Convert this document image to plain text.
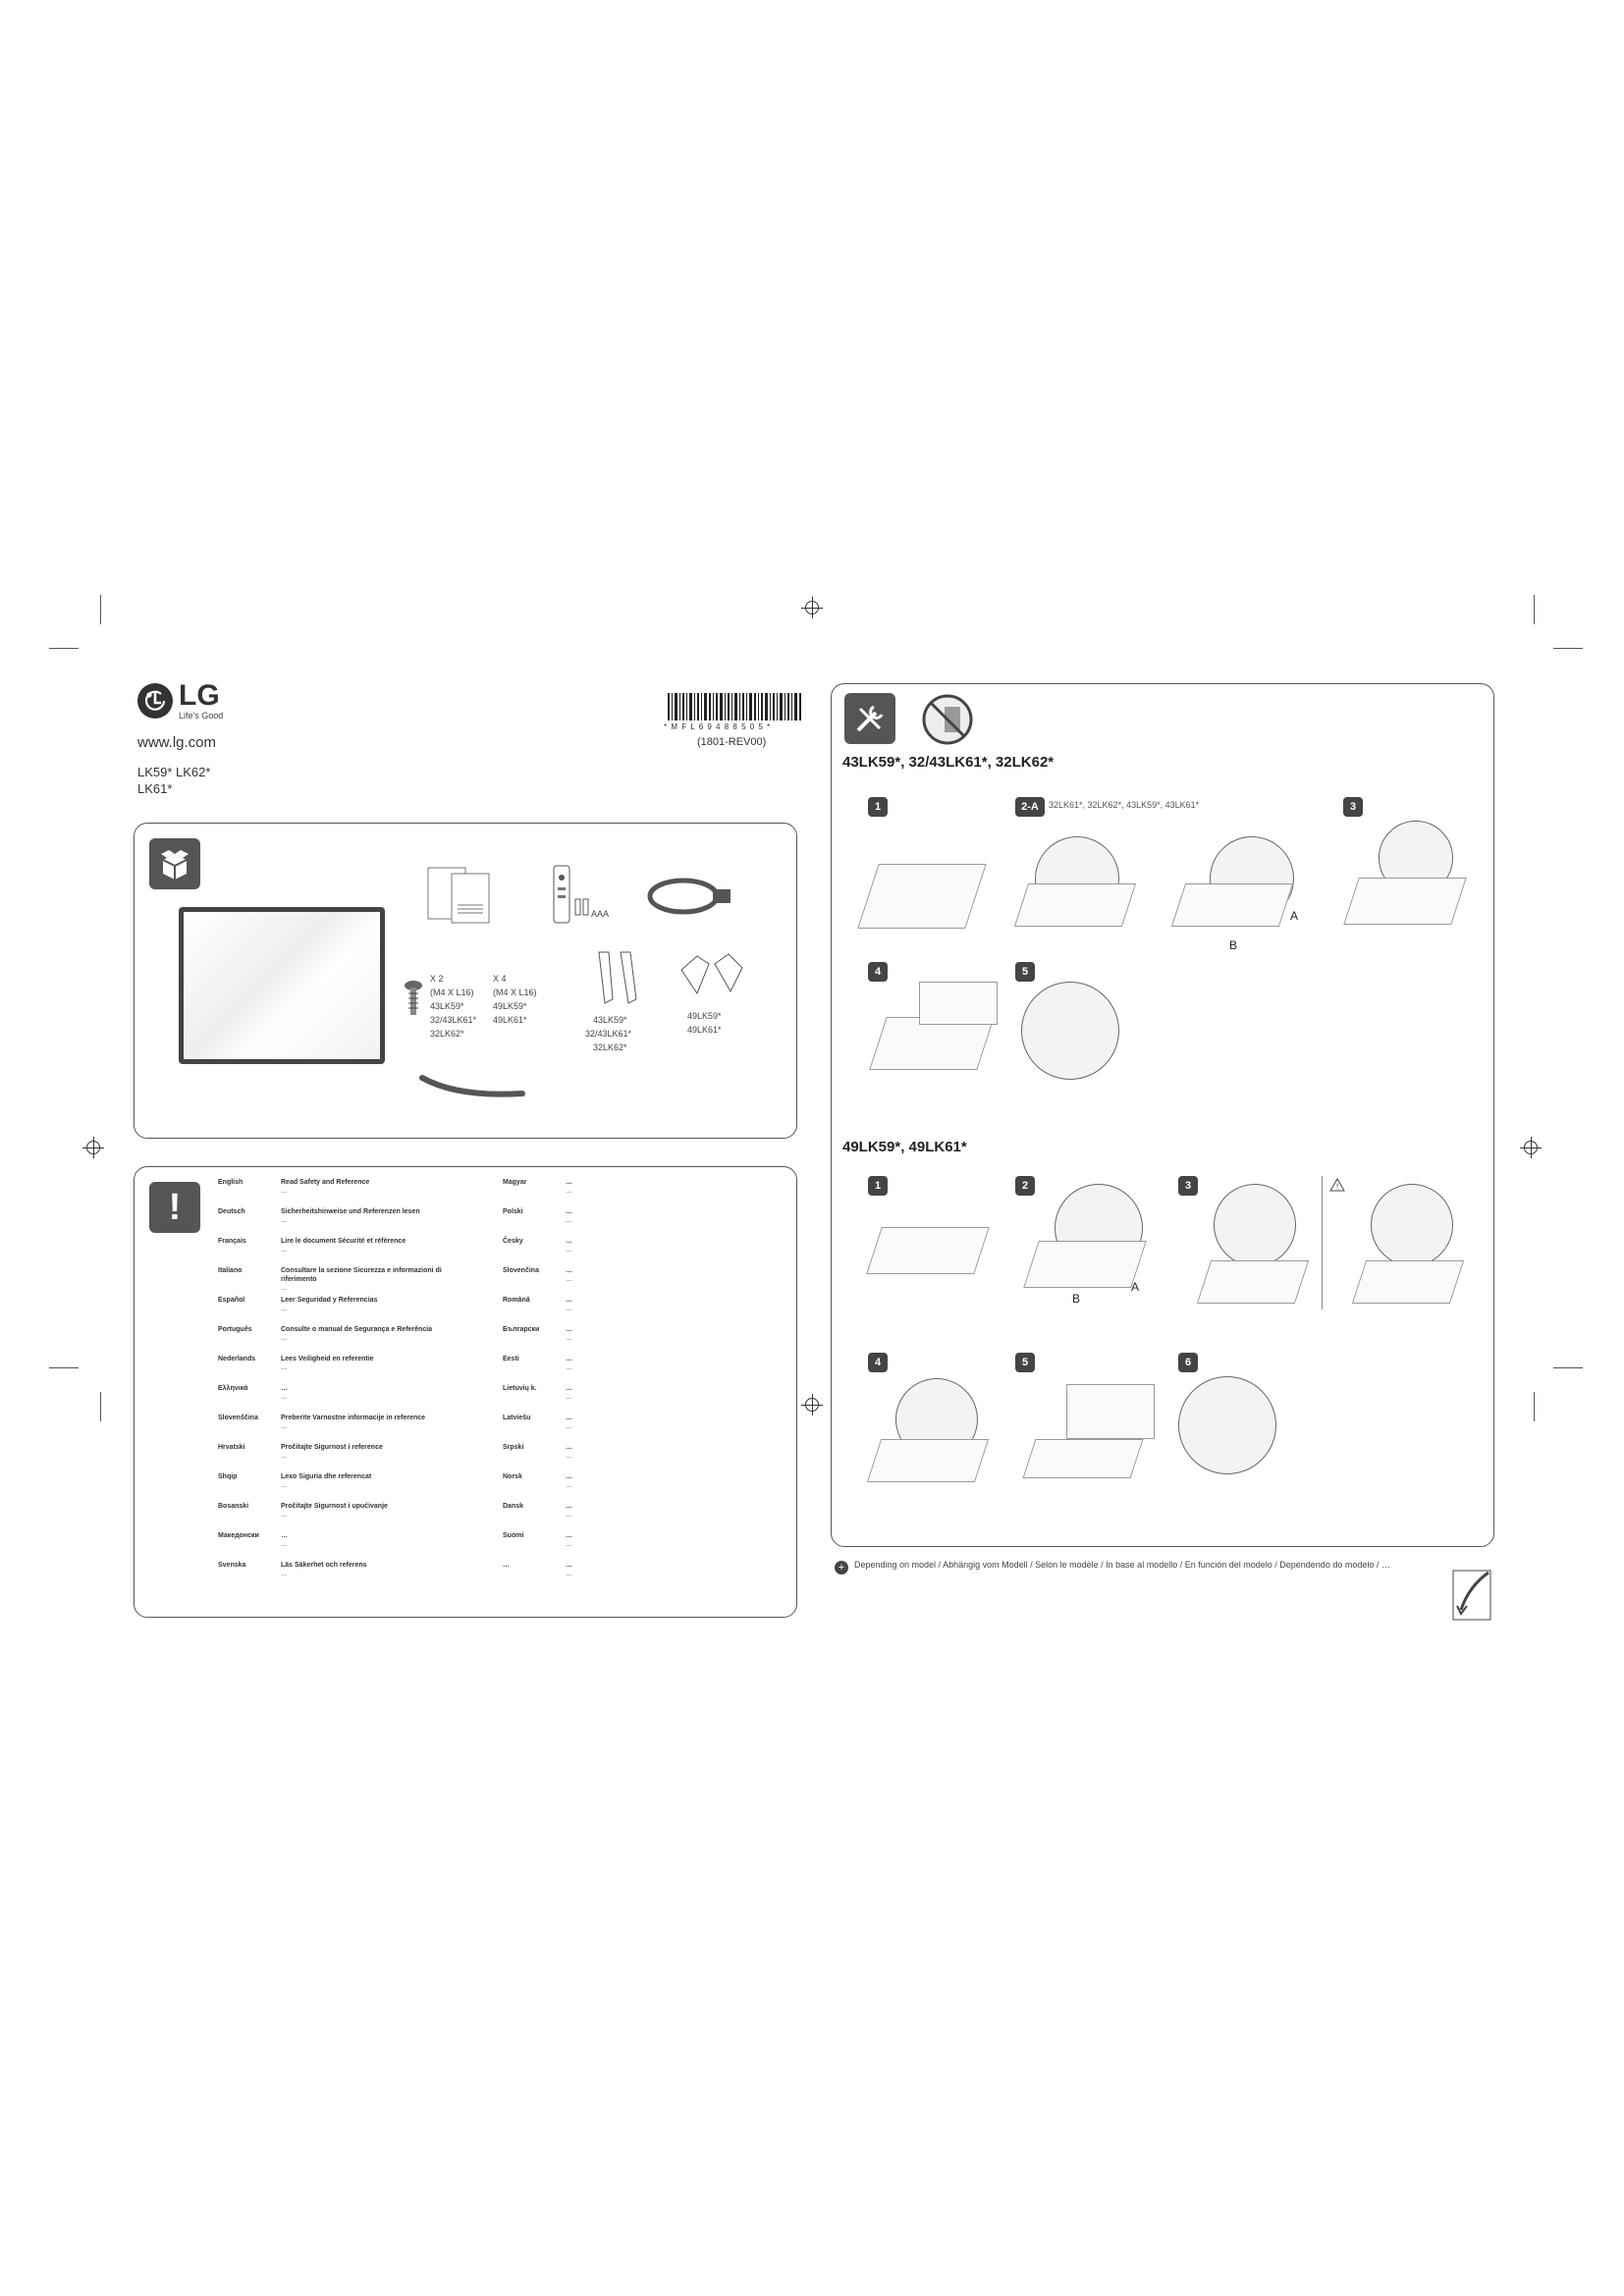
LG
Life's Good
www.lg.com
LK59* LK62*
LK61*
* M F L 6 9 4 8 8 5 0 5 *
(1801-REV00)
AAA
X 2
(M4 X L16)
43LK59*
32/43LK61*
32LK62*
X 4
(M4 X L16)
49LK59*
49LK61*	43LK59*
32/43LK61*
32LK62*
49LK59*
49LK61*
!
English	Read Safety and Reference
…
Deutsch	Sicherheitshinweise und Referenzen lesen
…
Français	Lire le document Sécurité et référence
…
Italiano	Consultare la sezione Sicurezza e informazioni di riferimento
…
Español	Leer Seguridad y Referencias
…
Português	Consulte o manual de Segurança e Referência
…
Nederlands	Lees Veiligheid en referentie
…
Ελληνικά	…
…
Slovenščina	Preberite Varnostne informacije in reference
…
Hrvatski	Pročitajte Sigurnost i reference
…
Shqip	Lexo Siguria dhe referencat
…
Bosanski	Pročitajte Sigurnost i upućivanje
…
Македонски	…
…
Svenska	Läs Säkerhet och referens
…
Magyar	…
…
Polski	…
…
Česky	…
…
Slovenčina	…
…
Română	…
…
Български	…
…
Eesti	…
…
Lietuvių k.	…
…
Latviešu	…
…
Srpski	…
…
Norsk	…
…
Dansk	…
…
Suomi	…
…
…	…
…
43LK59*, 32/43LK61*, 32LK62*
1	2-A	32LK61*, 32LK62*, 43LK59*, 43LK61*	3
A
B
4	5
49LK59*, 49LK61*
1	2	3
B
A
!
4	5	6
+	Depending on model / Abhängig vom Modell / Selon le modèle / In base al modello / En función del modelo / Dependendo do modelo / …
